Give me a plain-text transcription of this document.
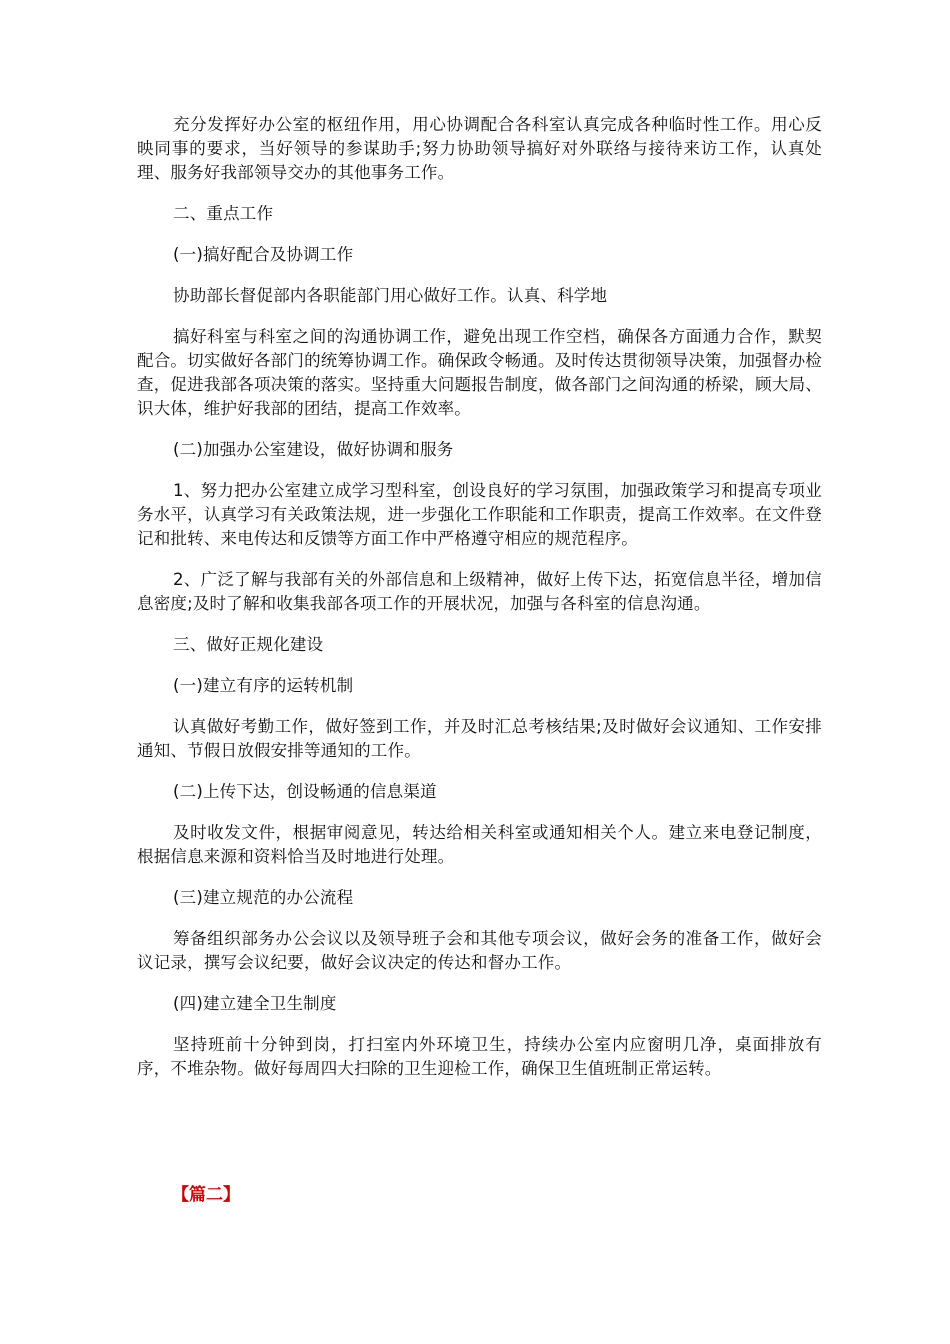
充分发挥好办公室的枢纽作用，用心协调配合各科室认真完成各种临时性工作。用心反映同事的要求，当好领导的参谋助手;努力协助领导搞好对外联络与接待来访工作，认真处理、服务好我部领导交办的其他事务工作。

二、重点工作

(一)搞好配合及协调工作

协助部长督促部内各职能部门用心做好工作。认真、科学地

搞好科室与科室之间的沟通协调工作，避免出现工作空档，确保各方面通力合作，默契配合。切实做好各部门的统筹协调工作。确保政令畅通。及时传达贯彻领导决策，加强督办检查，促进我部各项决策的落实。坚持重大问题报告制度，做各部门之间沟通的桥梁，顾大局、识大体，维护好我部的团结，提高工作效率。

(二)加强办公室建设，做好协调和服务

1、努力把办公室建立成学习型科室，创设良好的学习氛围，加强政策学习和提高专项业务水平，认真学习有关政策法规，进一步强化工作职能和工作职责，提高工作效率。在文件登记和批转、来电传达和反馈等方面工作中严格遵守相应的规范程序。

2、广泛了解与我部有关的外部信息和上级精神，做好上传下达，拓宽信息半径，增加信息密度;及时了解和收集我部各项工作的开展状况，加强与各科室的信息沟通。

三、做好正规化建设

(一)建立有序的运转机制

认真做好考勤工作，做好签到工作，并及时汇总考核结果;及时做好会议通知、工作安排通知、节假日放假安排等通知的工作。

(二)上传下达，创设畅通的信息渠道

及时收发文件，根据审阅意见，转达给相关科室或通知相关个人。建立来电登记制度，根据信息来源和资料恰当及时地进行处理。

(三)建立规范的办公流程

筹备组织部务办公会议以及领导班子会和其他专项会议，做好会务的准备工作，做好会议记录，撰写会议纪要，做好会议决定的传达和督办工作。

(四)建立建全卫生制度

坚持班前十分钟到岗，打扫室内外环境卫生，持续办公室内应窗明几净，桌面排放有序，不堆杂物。做好每周四大扫除的卫生迎检工作，确保卫生值班制正常运转。

【篇二】
